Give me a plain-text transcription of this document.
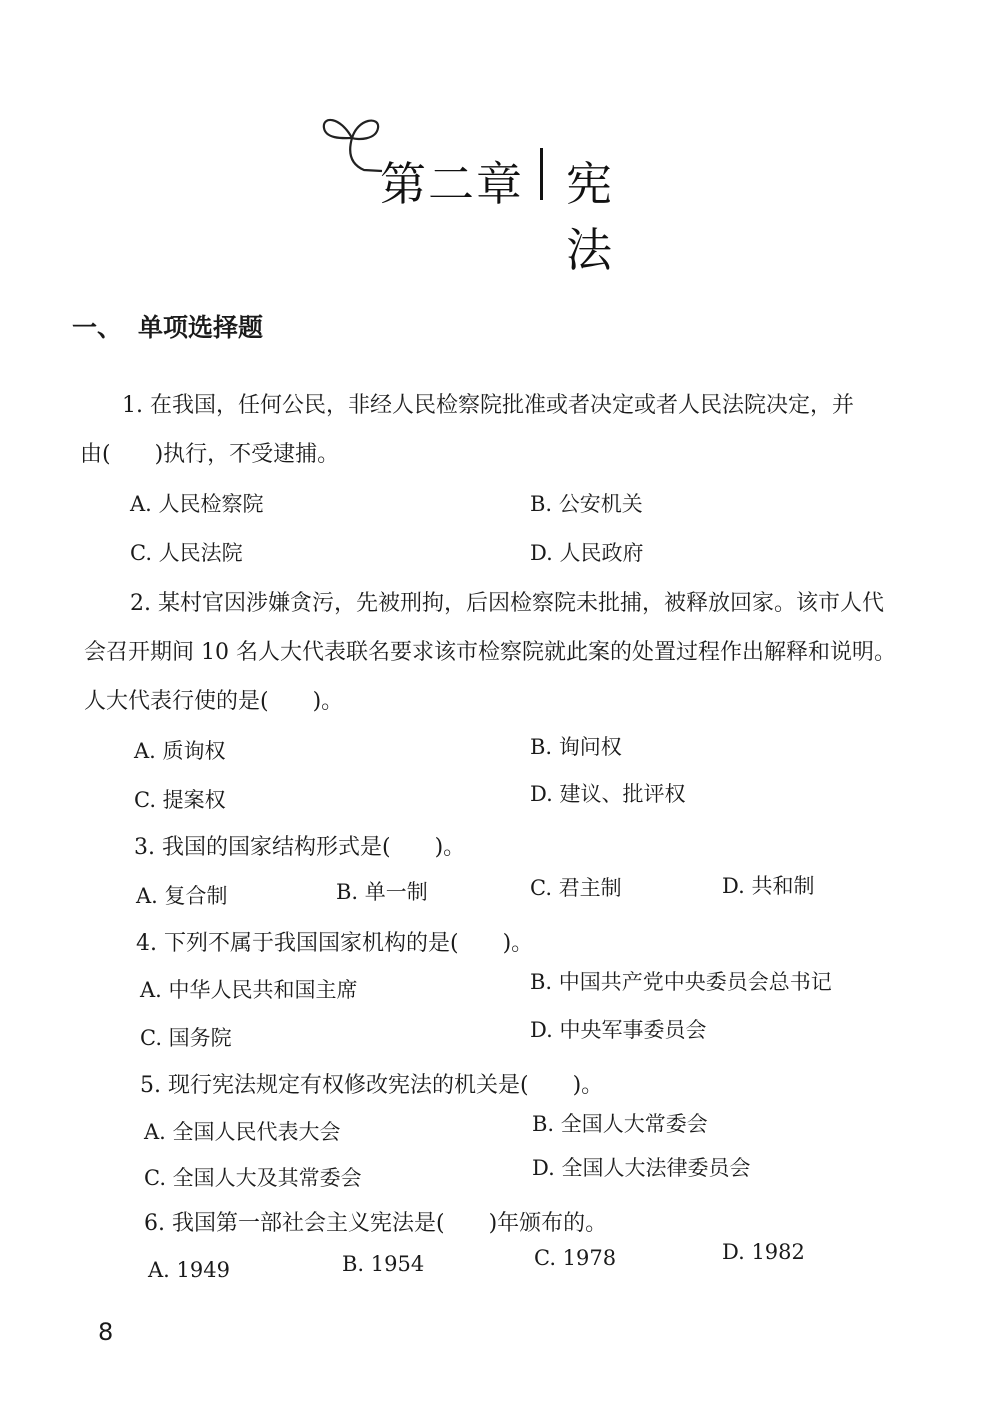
第二章 宪 法
一、 单项选择题
1. 在我国，任何公民，非经人民检察院批准或者决定或者人民法院决定，并
由(　　)执行，不受逮捕。
A. 人民检察院	B. 公安机关
C. 人民法院	D. 人民政府
2. 某村官因涉嫌贪污，先被刑拘，后因检察院未批捕，被释放回家。该市人代
会召开期间 10 名人大代表联名要求该市检察院就此案的处置过程作出解释和说明。
人大代表行使的是(　　)。
A. 质询权	B. 询问权
C. 提案权	D. 建议、批评权
3. 我国的国家结构形式是(　　)。
A. 复合制	B. 单一制	C. 君主制	D. 共和制
4. 下列不属于我国国家机构的是(　　)。
A. 中华人民共和国主席	B. 中国共产党中央委员会总书记
C. 国务院	D. 中央军事委员会
5. 现行宪法规定有权修改宪法的机关是(　　)。
A. 全国人民代表大会	B. 全国人大常委会
C. 全国人大及其常委会	D. 全国人大法律委员会
6. 我国第一部社会主义宪法是(　　)年颁布的。
A. 1949	B. 1954	C. 1978	D. 1982
8
